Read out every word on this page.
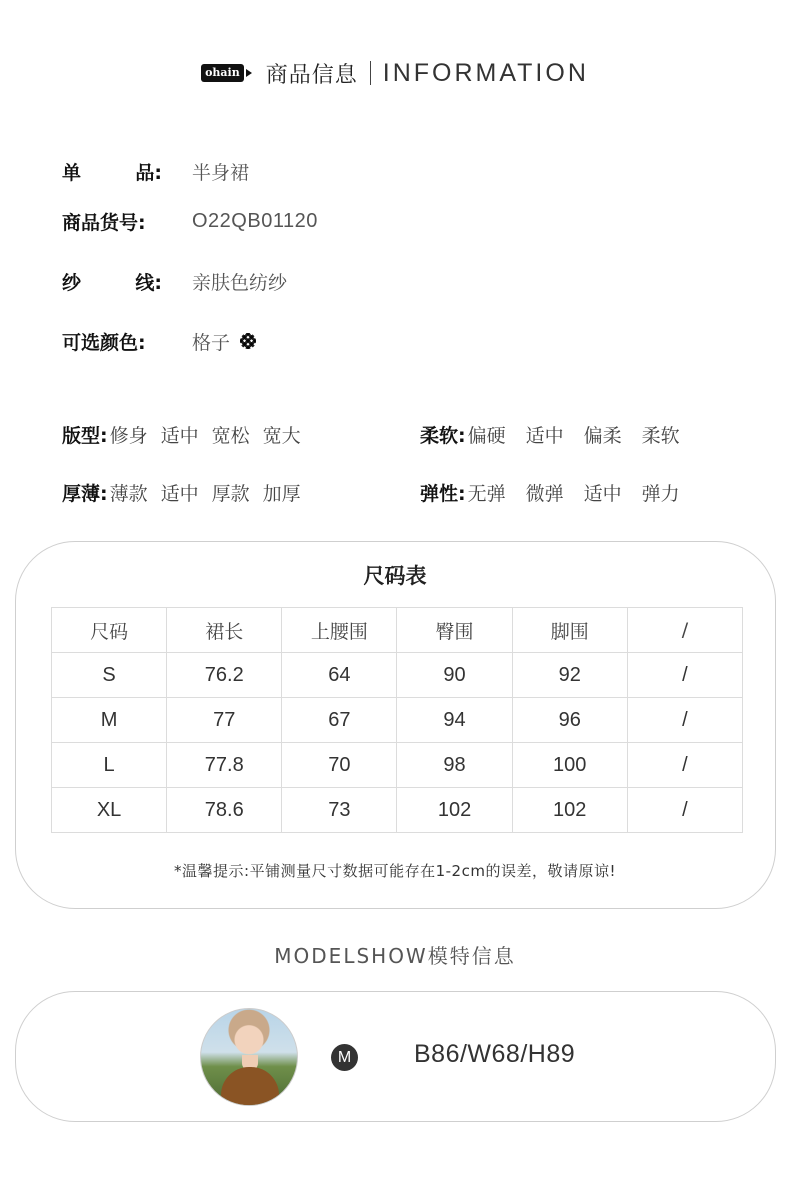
ohain 商品信息 INFORMATION
单	品: 半身裙
商品货号:	O22QB01120
纱	线: 亲肤色纺纱
可选颜色:	格子
版型: 修身 适中 宽松 宽大	柔软: 偏硬 适中 偏柔 柔软
厚薄: 薄款 适中 厚款 加厚	弹性: 无弹 微弹 适中 弹力
尺码表
尺码	裙长	上腰围	臀围	脚围	/
S	76.2	64	90	92	/
M	77	67	94	96	/
L	77.8	70	98	100	/
XL	78.6	73	102	102	/
*温馨提示:平铺测量尺寸数据可能存在1-2cm的误差，敬请原谅!
MODELSHOW模特信息
M	B86/W68/H89
